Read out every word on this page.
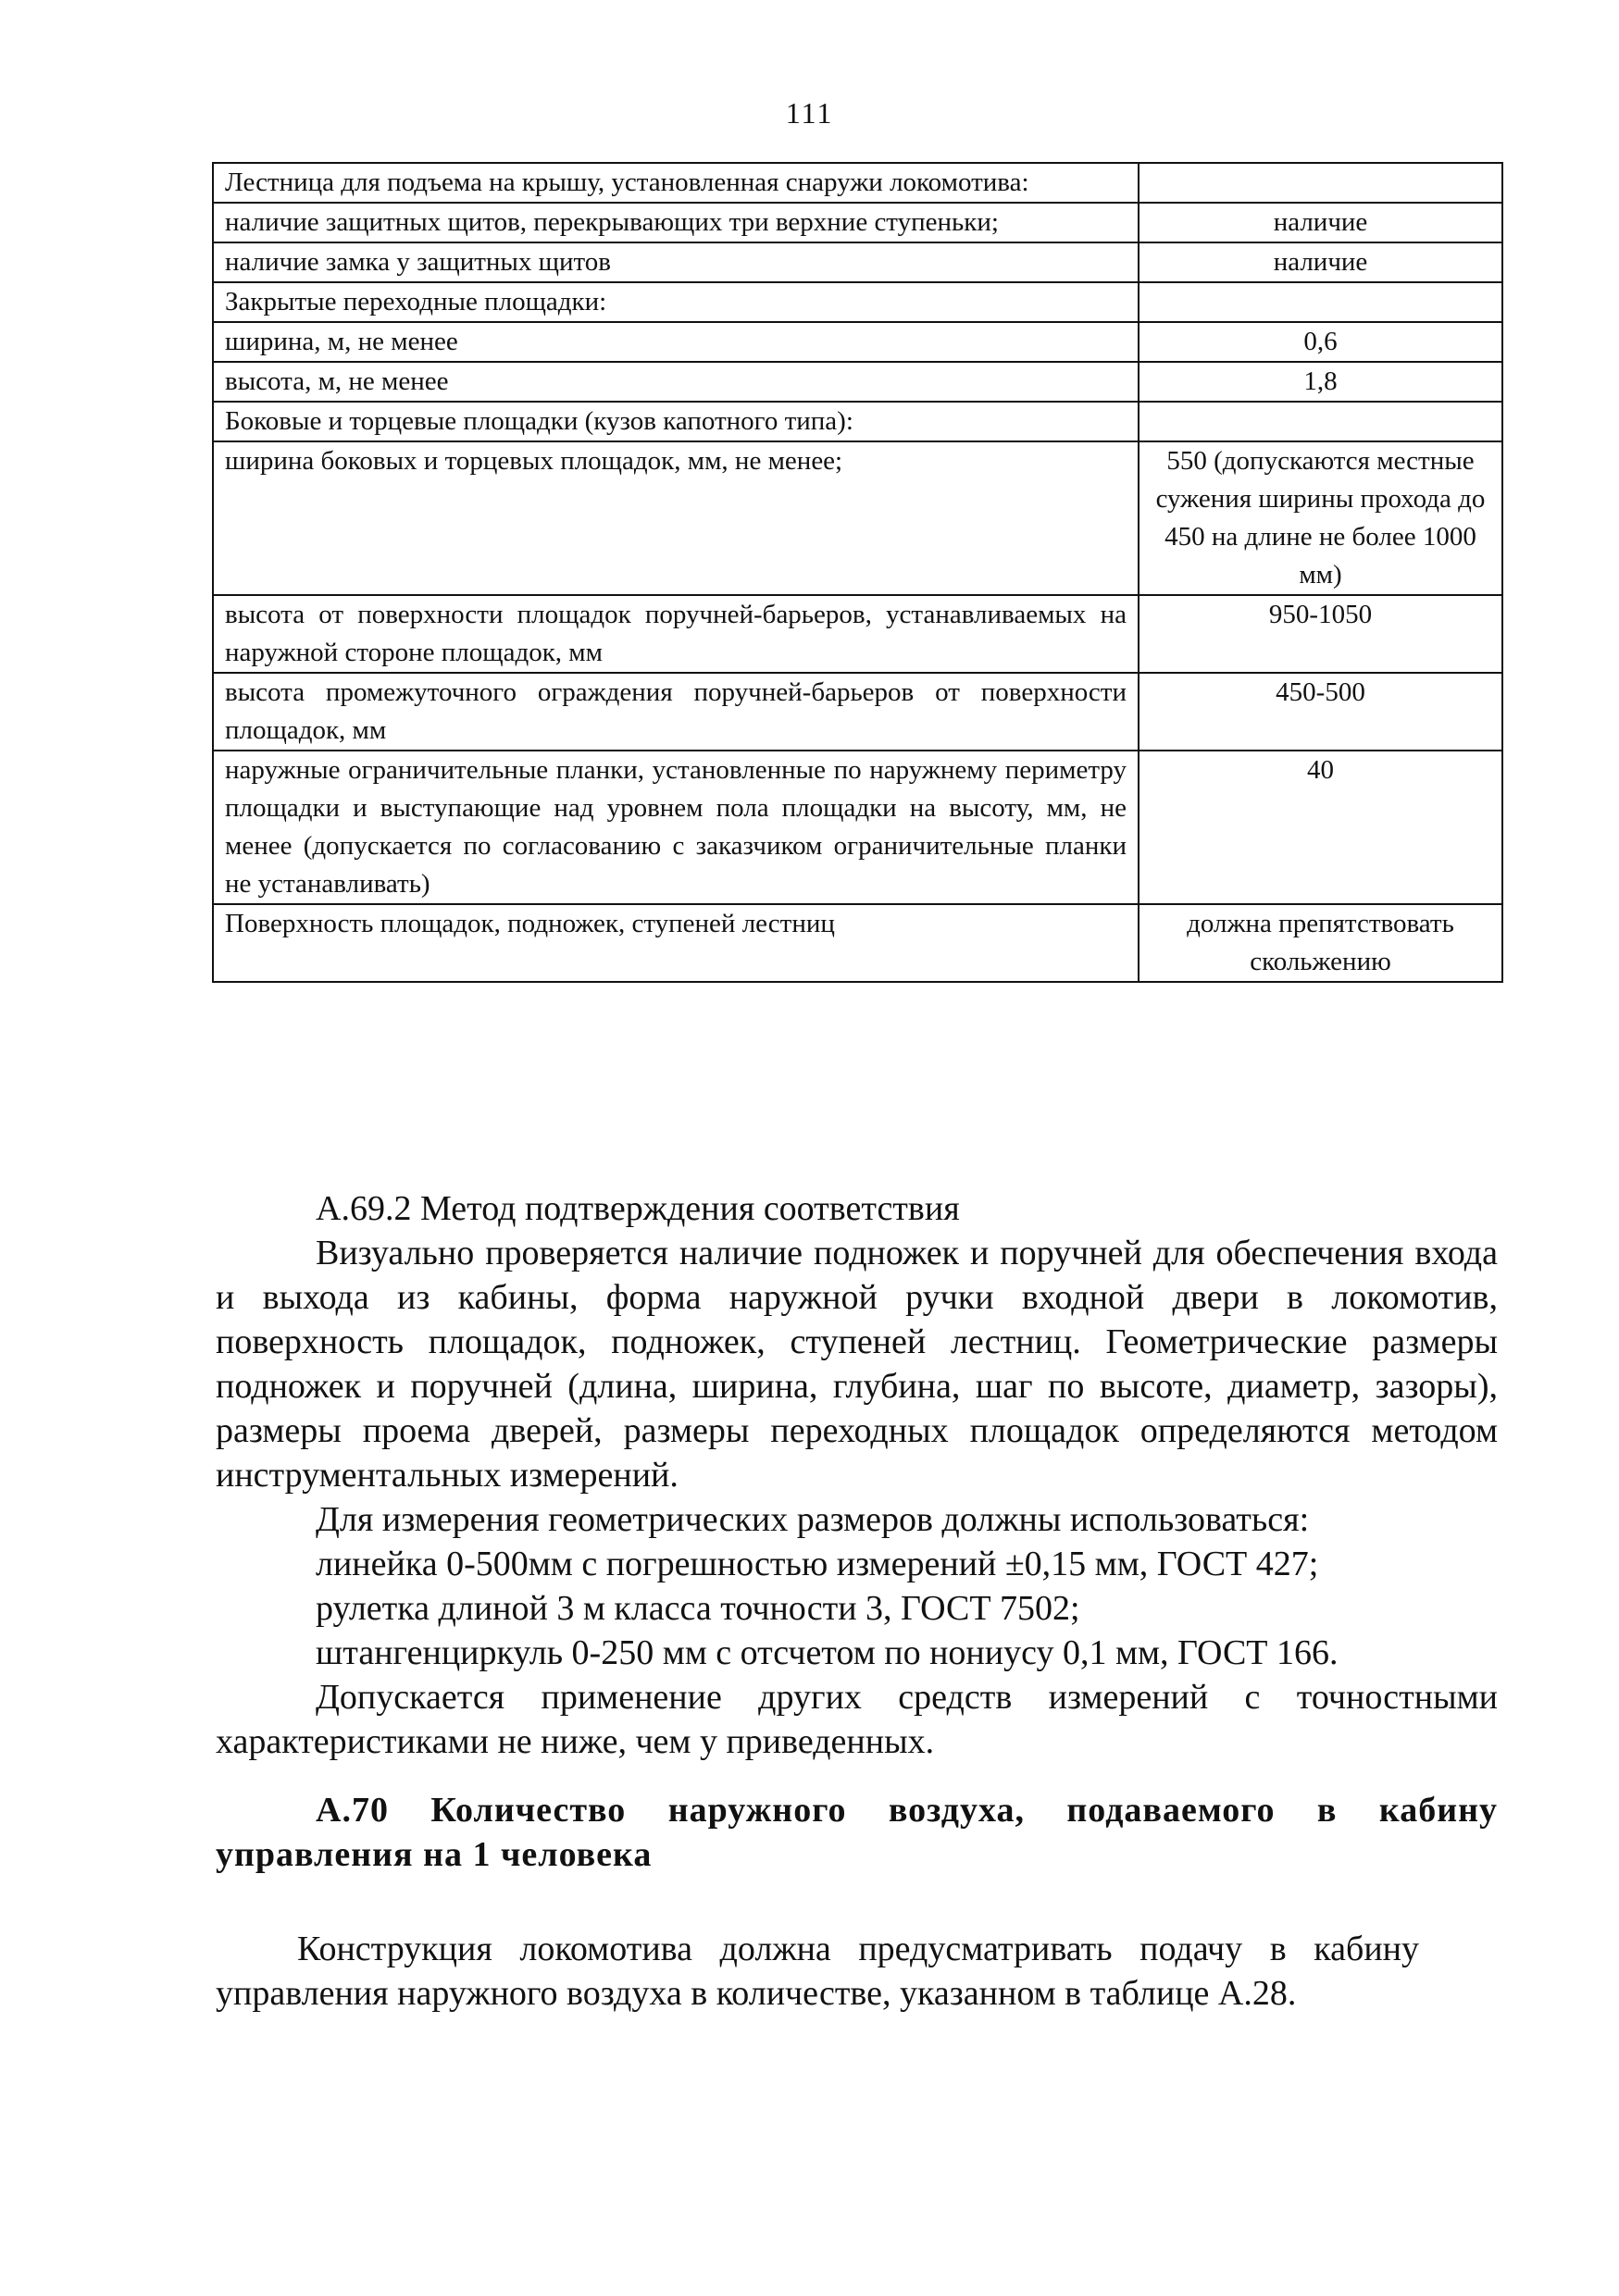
111
Лестница для подъема на крышу, установленная снаружи локомотива:	
наличие защитных щитов, перекрывающих три верхние ступеньки;	наличие
наличие замка у защитных щитов	наличие
Закрытые переходные площадки:	
ширина, м, не менее	0,6
высота, м, не менее	1,8
Боковые и торцевые площадки (кузов капотного типа):	
ширина боковых и торцевых площадок, мм, не менее;	550 (допускаются местные сужения ширины прохода до 450 на длине не более 1000 мм)
высота от поверхности площадок поручней-барьеров, устанавливаемых на наружной стороне площадок, мм	950-1050
высота промежуточного ограждения поручней-барьеров от поверхности площадок, мм	450-500
наружные ограничительные планки, установленные по наружнему периметру площадки и выступающие над уровнем пола площадки на высоту, мм, не менее (допускается по согласованию с заказчиком ограничительные планки не устанавливать)	40
Поверхность площадок, подножек, ступеней лестниц	должна препятствовать скольжению

А.69.2 Метод подтверждения соответствия

Визуально проверяется наличие подножек и поручней для обеспечения входа и выхода из кабины, форма наружной ручки входной двери в локомотив, поверхность площадок, подножек, ступеней лестниц. Геометрические размеры подножек и поручней (длина, ширина, глубина, шаг по высоте, диаметр, зазоры), размеры проема дверей, размеры переходных площадок определяются методом инструментальных измерений.

Для измерения геометрических размеров должны использоваться:

линейка 0-500мм с погрешностью измерений ±0,15 мм, ГОСТ 427;

рулетка длиной 3 м класса точности 3, ГОСТ 7502;

штангенциркуль 0-250 мм с отсчетом по нониусу 0,1 мм, ГОСТ 166.

Допускается применение других средств измерений с точностными характеристиками не ниже, чем у приведенных.

А.70 Количество наружного воздуха, подаваемого в кабину управления на 1 человека

Конструкция локомотива должна предусматривать подачу в кабину управления наружного воздуха в количестве, указанном в таблице А.28.
